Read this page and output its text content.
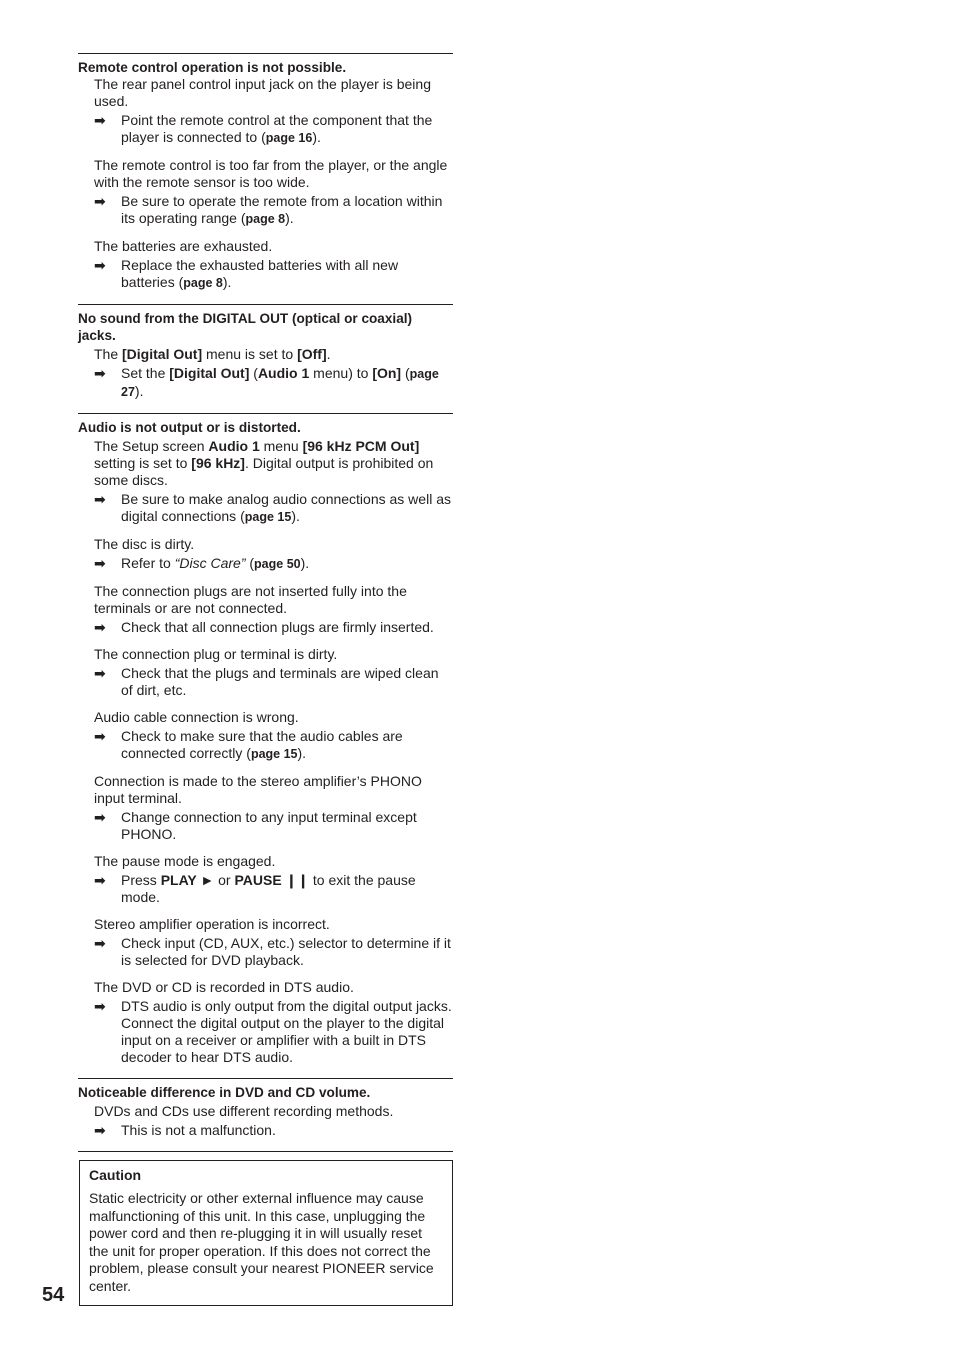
Remote control operation is not possible.

The rear panel control input jack on the player is being used.

➡ Point the remote control at the component that the player is connected to (page 16).

The remote control is too far from the player, or the angle with the remote sensor is too wide.

➡ Be sure to operate the remote from a location within its operating range (page 8).

The batteries are exhausted.

➡ Replace the exhausted batteries with all new batteries (page 8).

No sound from the DIGITAL OUT (optical or coaxial) jacks.

The [Digital Out] menu is set to [Off].

➡ Set the [Digital Out] (Audio 1 menu) to [On] (page 27).

Audio is not output or is distorted.

The Setup screen Audio 1 menu [96 kHz PCM Out] setting is set to [96 kHz]. Digital output is prohibited on some discs.

➡ Be sure to make analog audio connections as well as digital connections (page 15).

The disc is dirty.

➡ Refer to “Disc Care” (page 50).

The connection plugs are not inserted fully into the terminals or are not connected.

➡ Check that all connection plugs are firmly inserted.

The connection plug or terminal is dirty.

➡ Check that the plugs and terminals are wiped clean of dirt, etc.

Audio cable connection is wrong.

➡ Check to make sure that the audio cables are connected correctly (page 15).

Connection is made to the stereo amplifier’s PHONO input terminal.

➡ Change connection to any input terminal except PHONO.

The pause mode is engaged.

➡ Press PLAY ► or PAUSE ❙❙ to exit the pause mode.

Stereo amplifier operation is incorrect.

➡ Check input (CD, AUX, etc.) selector to determine if it is selected for DVD playback.

The DVD or CD is recorded in DTS audio.

➡ DTS audio is only output from the digital output jacks. Connect the digital output on the player to the digital input on a receiver or amplifier with a built in DTS decoder to hear DTS audio.

Noticeable difference in DVD and CD volume.

DVDs and CDs use different recording methods.

➡ This is not a malfunction.

Caution

Static electricity or other external influence may cause malfunctioning of this unit. In this case, unplugging the power cord and then re-plugging it in will usually reset the unit for proper operation. If this does not correct the problem, please consult your nearest PIONEER service center.

54
